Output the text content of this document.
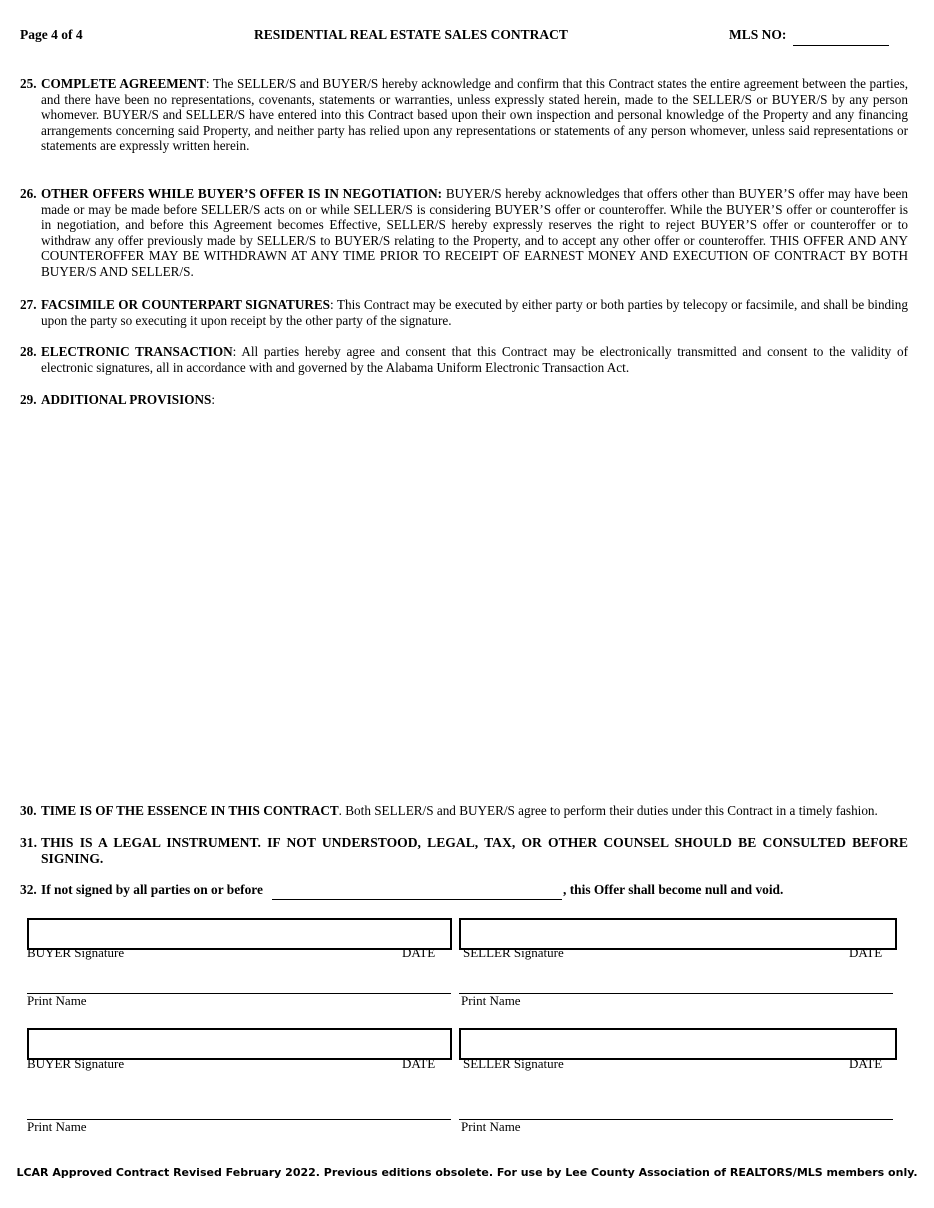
Page 4 of 4	RESIDENTIAL REAL ESTATE SALES CONTRACT	MLS NO:
25. COMPLETE AGREEMENT: The SELLER/S and BUYER/S hereby acknowledge and confirm that this Contract states the entire agreement between the parties, and there have been no representations, covenants, statements or warranties, unless expressly stated herein, made to the SELLER/S or BUYER/S by any person whomever. BUYER/S and SELLER/S have entered into this Contract based upon their own inspection and personal knowledge of the Property and any financing arrangements concerning said Property, and neither party has relied upon any representations or statements of any person whomever, unless said representations or statements are expressly written herein.
26. OTHER OFFERS WHILE BUYER’S OFFER IS IN NEGOTIATION: BUYER/S hereby acknowledges that offers other than BUYER’S offer may have been made or may be made before SELLER/S acts on or while SELLER/S is considering BUYER’S offer or counteroffer. While the BUYER’S offer or counteroffer is in negotiation, and before this Agreement becomes Effective, SELLER/S hereby expressly reserves the right to reject BUYER’S offer or counteroffer or to withdraw any offer previously made by SELLER/S to BUYER/S relating to the Property, and to accept any other offer or counteroffer. THIS OFFER AND ANY COUNTEROFFER MAY BE WITHDRAWN AT ANY TIME PRIOR TO RECEIPT OF EARNEST MONEY AND EXECUTION OF CONTRACT BY BOTH BUYER/S AND SELLER/S.
27. FACSIMILE OR COUNTERPART SIGNATURES: This Contract may be executed by either party or both parties by telecopy or facsimile, and shall be binding upon the party so executing it upon receipt by the other party of the signature.
28. ELECTRONIC TRANSACTION: All parties hereby agree and consent that this Contract may be electronically transmitted and consent to the validity of electronic signatures, all in accordance with and governed by the Alabama Uniform Electronic Transaction Act.
29. ADDITIONAL PROVISIONS:
30. TIME IS OF THE ESSENCE IN THIS CONTRACT. Both SELLER/S and BUYER/S agree to perform their duties under this Contract in a timely fashion.
31. THIS IS A LEGAL INSTRUMENT. IF NOT UNDERSTOOD, LEGAL, TAX, OR OTHER COUNSEL SHOULD BE CONSULTED BEFORE SIGNING.
32. If not signed by all parties on or before	, this Offer shall become null and void.
BUYER Signature	DATE SELLER Signature	DATE
Print Name	Print Name
BUYER Signature	DATE SELLER Signature	DATE
Print Name	Print Name
LCAR Approved Contract Revised February 2022. Previous editions obsolete. For use by Lee County Association of REALTORS/MLS members only.
